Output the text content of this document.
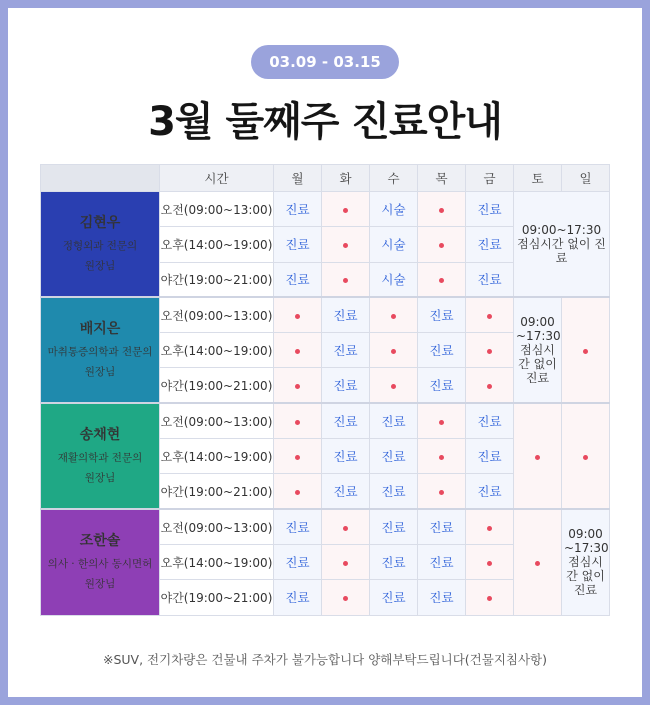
03.09 - 03.15
3월 둘째주 진료안내
	시간	월	화	수	목	금	토	일

김현우
정형외과 전문의
원장님	오전(09:00~13:00)	진료		시술		진료	09:00~17:30 점심시간 없이 진료	
	오후(14:00~19:00)	진료		시술		진료		
	야간(19:00~21:00)	진료		시술		진료		

배지은
마취통증의학과 전문의
원장님	오전(09:00~13:00)		진료		진료		09:00 ~17:30 점심시간 없이 진료	
	오후(14:00~19:00)		진료		진료			
	야간(19:00~21:00)		진료		진료			

송채현
재활의학과 전문의
원장님	오전(09:00~13:00)		진료	진료		진료		
	오후(14:00~19:00)		진료	진료		진료		
	야간(19:00~21:00)		진료	진료		진료		

조한솔
의사 · 한의사 동시면허
원장님	오전(09:00~13:00)	진료		진료	진료			09:00 ~17:30 점심시간 없이 진료
	오후(14:00~19:00)	진료		진료	진료			
	야간(19:00~21:00)	진료		진료	진료			
※SUV, 전기차량은 건물내 주차가 불가능합니다 양해부탁드립니다(건물지침사항)
